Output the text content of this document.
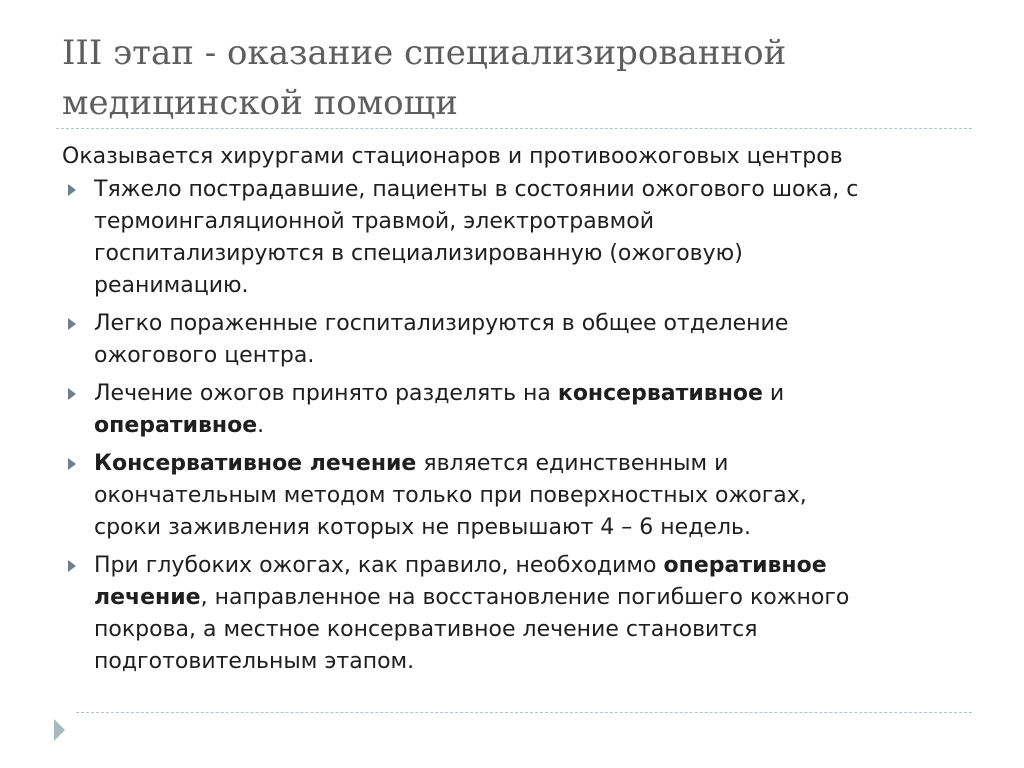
III этап - оказание специализированной
медицинской помощи

Оказывается хирургами стационаров и противоожоговых центров

Тяжело пострадавшие, пациенты в состоянии ожогового шока, с
термоингаляционной травмой, электротравмой
госпитализируются в специализированную (ожоговую)
реанимацию.
Легко пораженные госпитализируются в общее отделение
ожогового центра.
Лечение ожогов принято разделять на консервативное и
оперативное.
Консервативное лечение является единственным и
окончательным методом только при поверхностных ожогах,
сроки заживления которых не превышают 4 – 6 недель.
При глубоких ожогах, как правило, необходимо оперативное
лечение, направленное на восстановление погибшего кожного
покрова, а местное консервативное лечение становится
подготовительным этапом.
